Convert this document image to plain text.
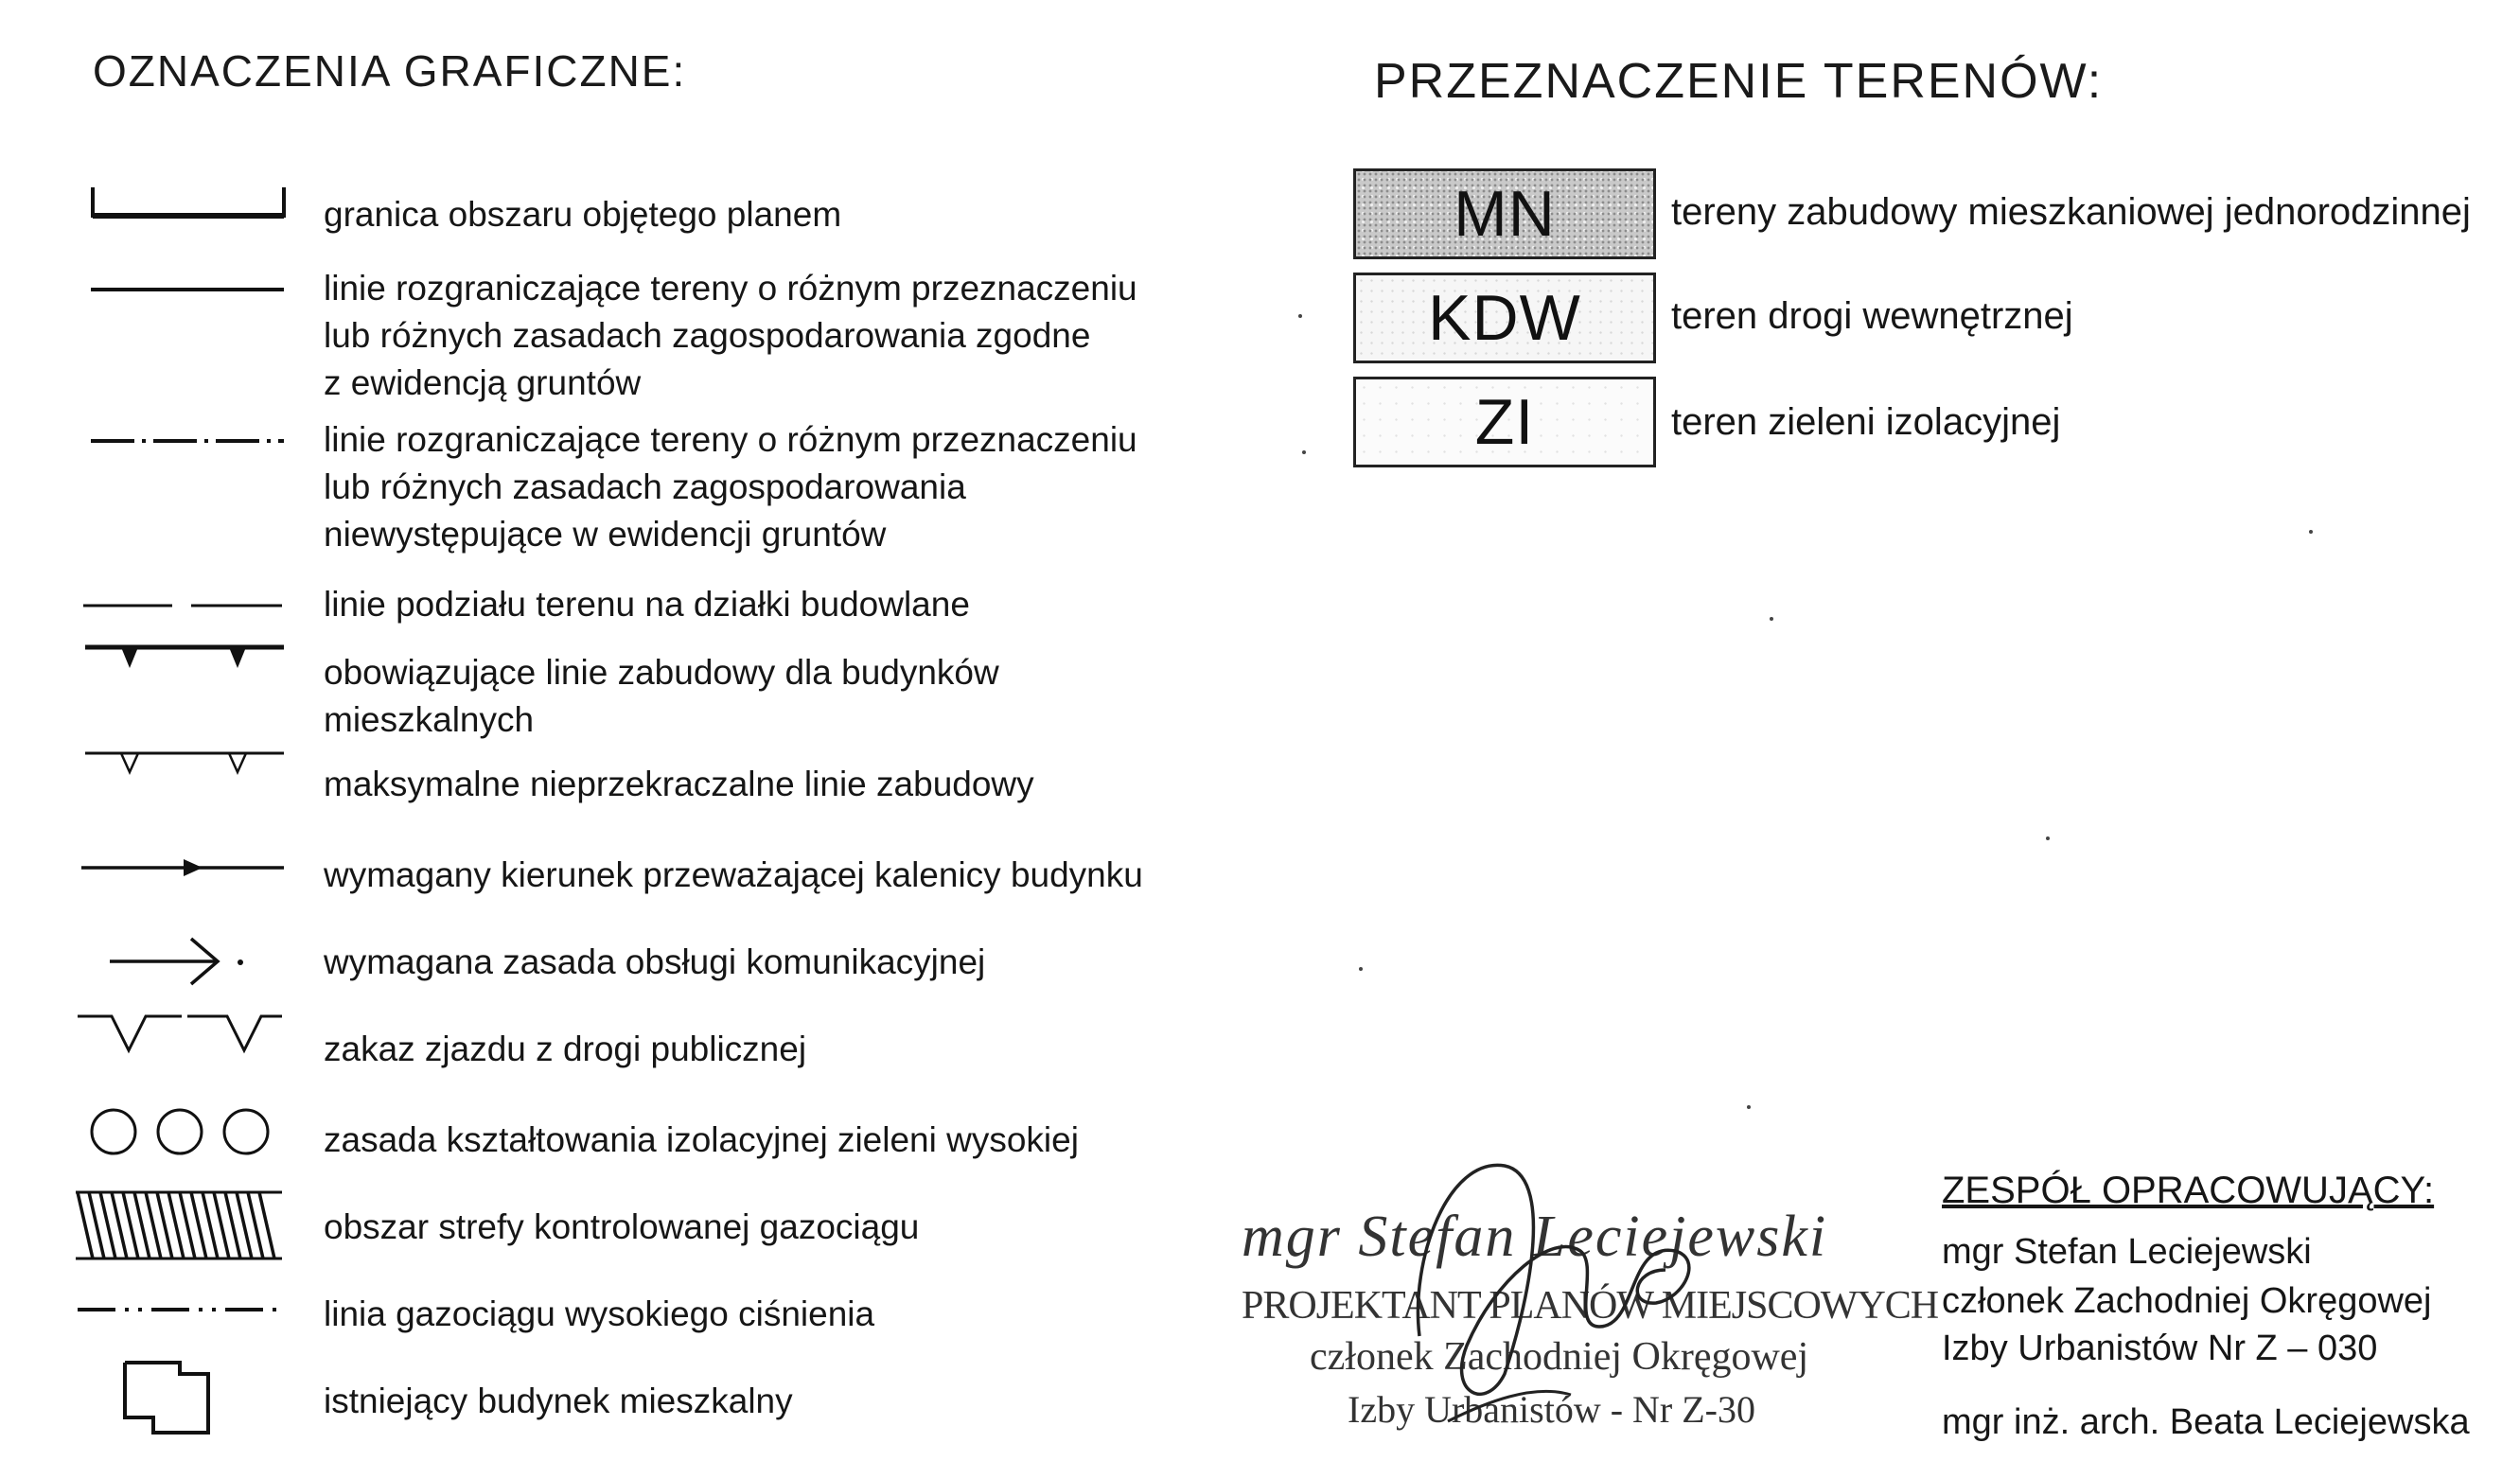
OZNACZENIA GRAFICZNE:
granica obszaru objętego planem
linie rozgraniczające tereny o różnym przeznaczeniu
lub różnych zasadach zagospodarowania zgodne
z ewidencją gruntów
linie rozgraniczające tereny o różnym przeznaczeniu
lub różnych zasadach zagospodarowania
niewystępujące w ewidencji gruntów
linie podziału terenu na działki budowlane
obowiązujące linie zabudowy dla budynków
mieszkalnych
maksymalne nieprzekraczalne linie zabudowy
wymagany kierunek przeważającej kalenicy budynku
wymagana zasada obsługi komunikacyjnej
zakaz zjazdu z drogi publicznej
zasada kształtowania izolacyjnej zieleni wysokiej
obszar strefy kontrolowanej gazociągu
linia gazociągu wysokiego ciśnienia
istniejący budynek mieszkalny
PRZEZNACZENIE TERENÓW:
MN	tereny zabudowy mieszkaniowej jednorodzinnej
KDW teren drogi wewnętrznej
ZI	teren zieleni izolacyjnej
mgr Stefan Leciejewski
PROJEKTANT PLANÓW MIEJSCOWYCH
członek Zachodniej Okręgowej
Izby Urbanistów - Nr Z-30
ZESPÓŁ OPRACOWUJĄCY:
mgr Stefan Leciejewski
członek Zachodniej Okręgowej
Izby Urbanistów Nr Z – 030
mgr inż. arch. Beata Leciejewska
